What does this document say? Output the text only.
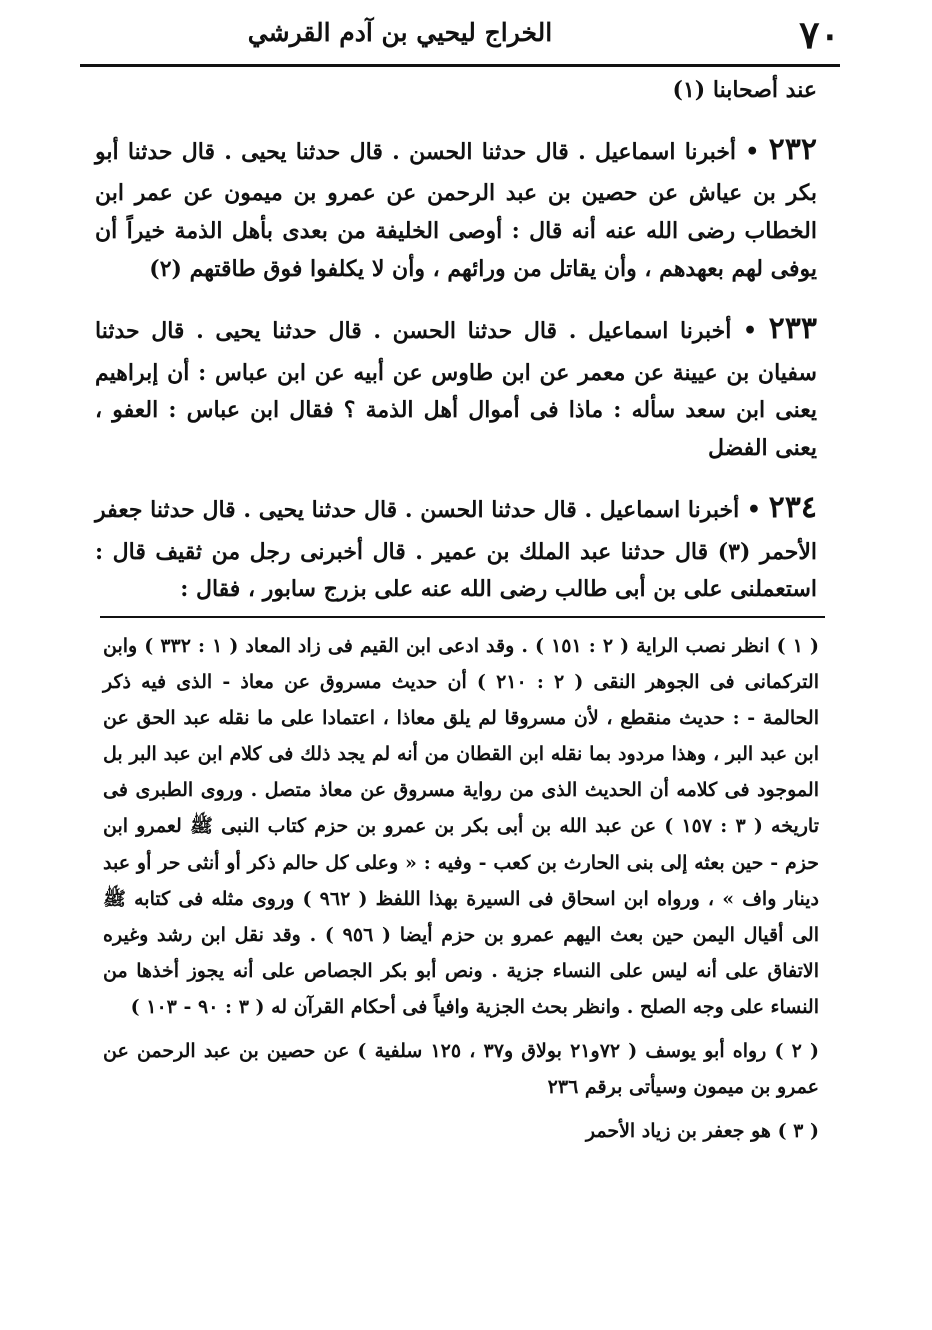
٧٠
الخراج ليحيي بن آدم القرشي

عند أصحابنا (١)

٢٣٢ • أخبرنا اسماعيل . قال حدثنا الحسن . قال حدثنا يحيى . قال حدثنا أبو بكر بن عياش عن حصين بن عبد الرحمن عن عمرو بن ميمون عن عمر ابن الخطاب رضى الله عنه أنه قال : أوصى الخليفة من بعدى بأهل الذمة خيراً أن يوفى لهم بعهدهم ، وأن يقاتل من ورائهم ، وأن لا يكلفوا فوق طاقتهم (٢)

٢٣٣ • أخبرنا اسماعيل . قال حدثنا الحسن . قال حدثنا يحيى . قال حدثنا سفيان بن عيينة عن معمر عن ابن طاوس عن أبيه عن ابن عباس : أن إبراهيم يعنى ابن سعد سأله : ماذا فى أموال أهل الذمة ؟ فقال ابن عباس : العفو ، يعنى الفضل

٢٣٤ • أخبرنا اسماعيل . قال حدثنا الحسن . قال حدثنا يحيى . قال حدثنا جعفر الأحمر (٣) قال حدثنا عبد الملك بن عمير . قال أخبرنى رجل من ثقيف قال : استعملنى على بن أبى طالب رضى الله عنه على بزرج سابور ، فقال :

( ١ ) انظر نصب الراية ( ٢ : ١٥١ ) . وقد ادعى ابن القيم فى زاد المعاد ( ١ : ٣٣٢ ) وابن التركمانى فى الجوهر النقى ( ٢ : ٢١٠ ) أن حديث مسروق عن معاذ - الذى فيه ذكر الحالمة - : حديث منقطع ، لأن مسروقا لم يلق معاذا ، اعتمادا على ما نقله عبد الحق عن ابن عبد البر ، وهذا مردود بما نقله ابن القطان من أنه لم يجد ذلك فى كلام ابن عبد البر بل الموجود فى كلامه أن الحديث الذى من رواية مسروق عن معاذ متصل . وروى الطبرى فى تاريخه ( ٣ : ١٥٧ ) عن عبد الله بن أبى بكر بن عمرو بن حزم كتاب النبى ﷺ لعمرو ابن حزم - حين بعثه إلى بنى الحارث بن كعب - وفيه : « وعلى كل حالم ذكر أو أنثى حر أو عبد دينار واف » ، ورواه ابن اسحاق فى السيرة بهذا اللفظ ( ٩٦٢ ) وروى مثله فى كتابه ﷺ الى أقيال اليمن حين بعث اليهم عمرو بن حزم أيضا ( ٩٥٦ ) . وقد نقل ابن رشد وغيره الاتفاق على أنه ليس على النساء جزية . ونص أبو بكر الجصاص على أنه يجوز أخذها من النساء على وجه الصلح . وانظر بحث الجزية وافياً فى أحكام القرآن له ( ٣ : ٩٠ - ١٠٣ )

( ٢ ) رواه أبو يوسف ( ٧٢و٢١ بولاق و٣٧ ، ١٢٥ سلفية ) عن حصين بن عبد الرحمن عن عمرو بن ميمون وسيأتى برقم ٢٣٦

( ٣ ) هو جعفر بن زياد الأحمر
